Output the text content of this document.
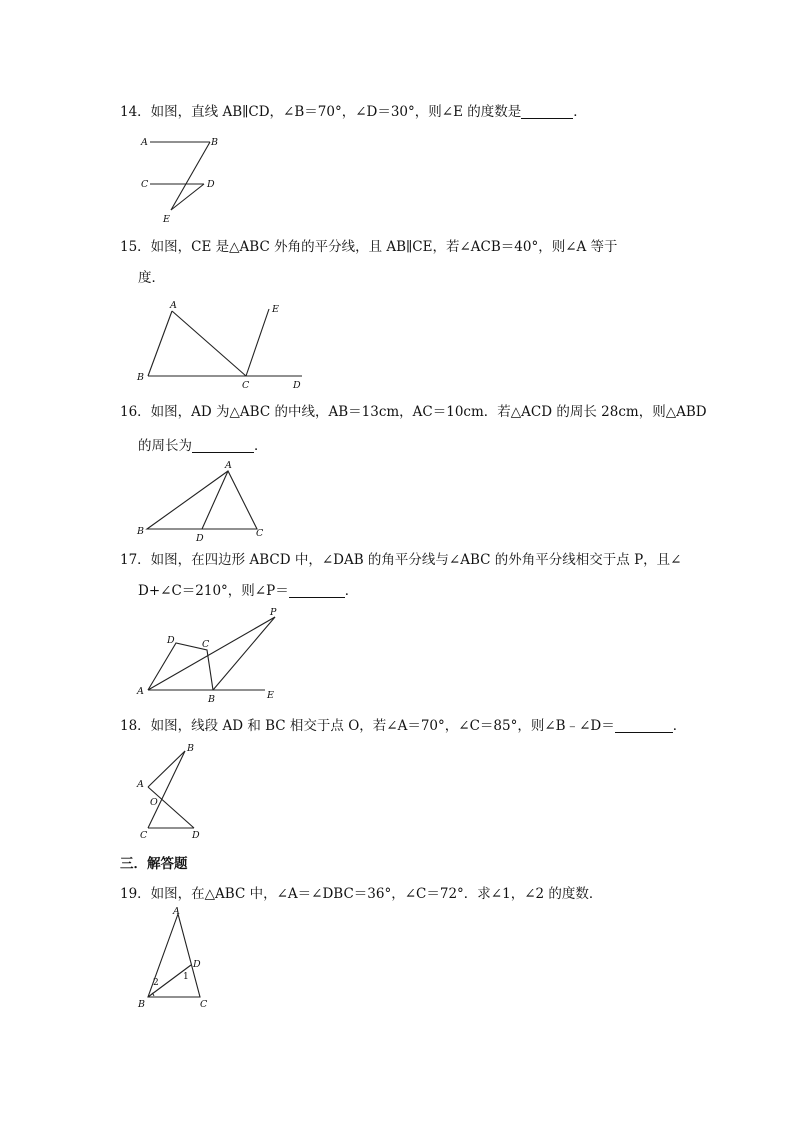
14．如图，直线 AB∥CD，∠B＝70°，∠D＝30°，则∠E 的度数是	．
A	B
C	D
E
15．如图，CE 是△ABC 外角的平分线，且 AB∥CE，若∠ACB＝40°，则∠A 等于
度．
A
B
C	D
E
16．如图，AD 为△ABC 的中线，AB＝13cm，AC＝10cm．若△ACD 的周长 28cm，则△ABD
的周长为	．
A
B	C
D
17．如图，在四边形 ABCD 中，∠DAB 的角平分线与∠ABC 的外角平分线相交于点 P，且∠
D+∠C＝210°，则∠P＝	．
A
D	C
B	E
P
18．如图，线段 AD 和 BC 相交于点 O，若∠A＝70°，∠C＝85°，则∠B﹣∠D＝	．
B
A
O
C	D
三．解答题
19．如图，在△ABC 中，∠A＝∠DBC＝36°，∠C＝72°．求∠1，∠2 的度数．
A
D
B	C
1
2
